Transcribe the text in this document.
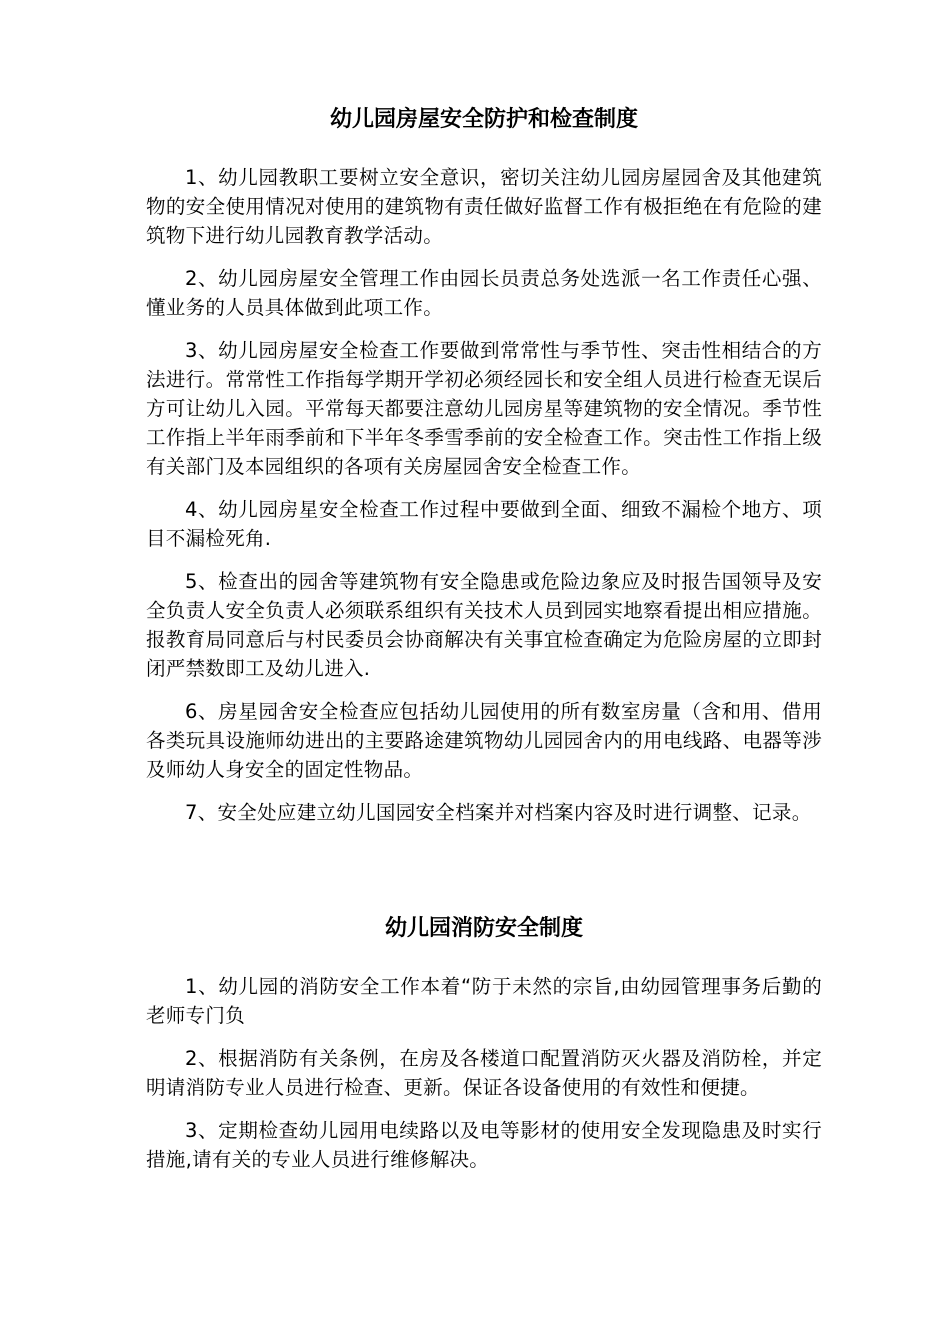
幼儿园房屋安全防护和检查制度

1、幼儿园教职工要树立安全意识，密切关注幼儿园房屋园舍及其他建筑物的安全使用情况对使用的建筑物有责任做好监督工作有极拒绝在有危险的建筑物下进行幼儿园教育教学活动。

2、幼儿园房屋安全管理工作由园长员责总务处选派一名工作责任心强、懂业务的人员具体做到此项工作。

3、幼儿园房屋安全检查工作要做到常常性与季节性、突击性相结合的方法进行。常常性工作指每学期开学初必须经园长和安全组人员进行检查无误后方可让幼儿入园。平常每天都要注意幼儿园房星等建筑物的安全情况。季节性工作指上半年雨季前和下半年冬季雪季前的安全检查工作。突击性工作指上级有关部门及本园组织的各项有关房屋园舍安全检查工作。

4、幼儿园房星安全检查工作过程中要做到全面、细致不漏检个地方、项目不漏检死角.

5、检查出的园舍等建筑物有安全隐患或危险边象应及时报告国领导及安全负责人安全负责人必须联系组织有关技术人员到园实地察看提出相应措施。报教育局同意后与村民委员会协商解决有关事宜检查确定为危险房屋的立即封闭严禁数即工及幼儿进入.

6、房星园舍安全检查应包括幼儿园使用的所有数室房量（含和用、借用各类玩具设施师幼进出的主要路途建筑物幼儿园园舍内的用电线路、电器等涉及师幼人身安全的固定性物品。

7、安全处应建立幼儿国园安全档案并对档案内容及时进行调整、记录。

幼儿园消防安全制度

1、幼儿园的消防安全工作本着“防于未然的宗旨,由幼园管理事务后勤的老师专门负

2、根据消防有关条例，在房及各楼道口配置消防灭火器及消防栓，并定明请消防专业人员进行检查、更新。保证各设备使用的有效性和便捷。

3、定期检查幼儿园用电续路以及电等影材的使用安全发现隐患及时实行措施,请有关的专业人员进行维修解决。
